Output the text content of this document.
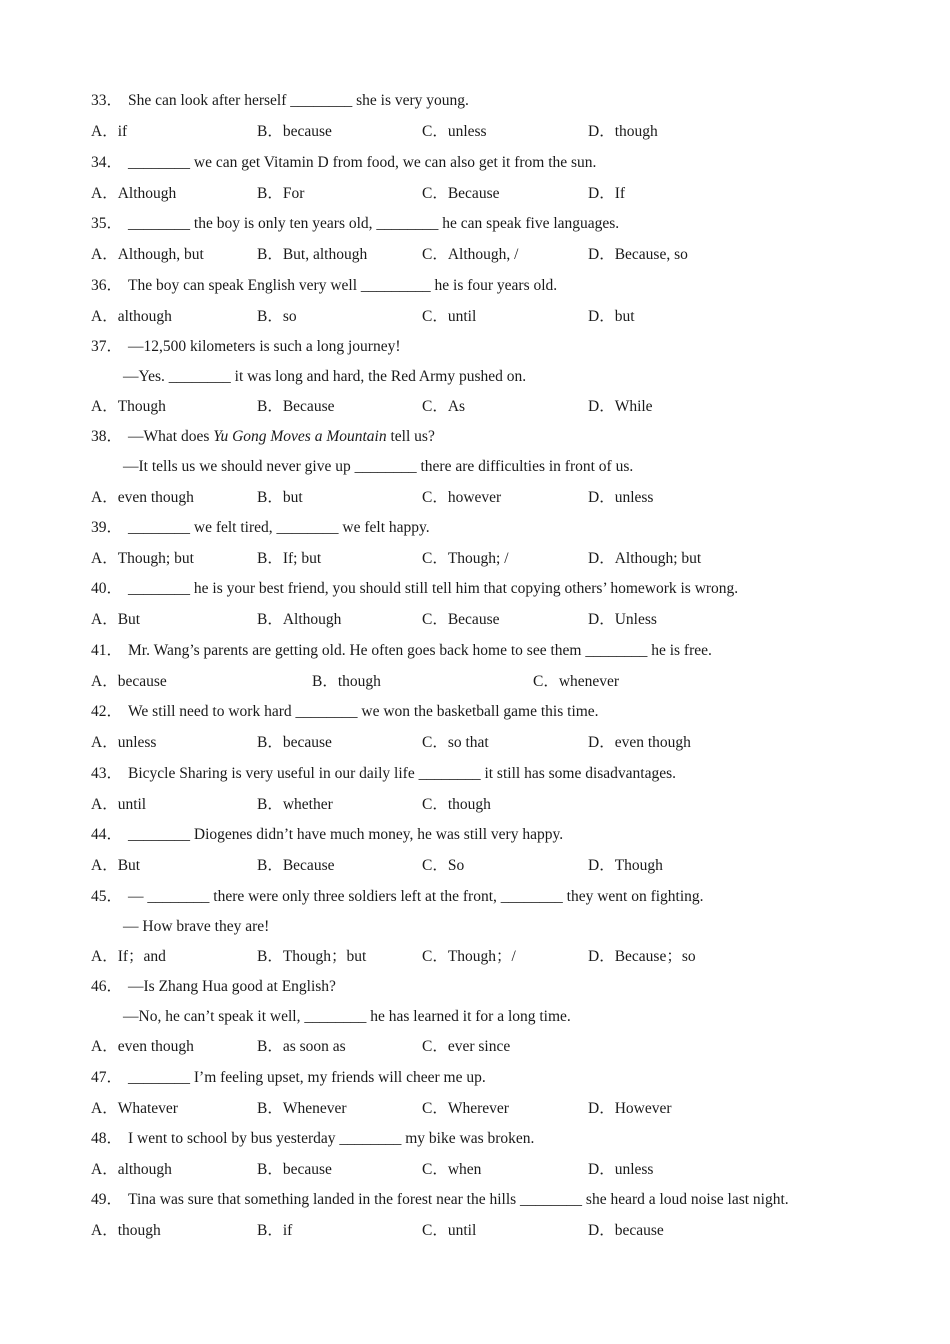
33． She can look after herself ________ she is very young.
A．if	B．because	C．unless	D．though
34． ________ we can get Vitamin D from food, we can also get it from the sun.
A．Although	B．For	C．Because	D．If
35． ________ the boy is only ten years old, ________ he can speak five languages.
A．Although, but	B．But, although	C．Although, /	D．Because, so
36． The boy can speak English very well _________ he is four years old.
A．although	B．so	C．until	D．but
37． —12,500 kilometers is such a long journey!
—Yes. ________ it was long and hard, the Red Army pushed on.
A．Though	B．Because	C．As	D．While
38． —What does Yu Gong Moves a Mountain tell us?
—It tells us we should never give up ________ there are difficulties in front of us.
A．even though	B．but	C．however	D．unless
39． ________ we felt tired, ________ we felt happy.
A．Though; but	B．If; but	C．Though; /	D．Although; but
40． ________ he is your best friend, you should still tell him that copying others’ homework is wrong.
A．But	B．Although	C．Because	D．Unless
41． Mr. Wang’s parents are getting old. He often goes back home to see them ________ he is free.
A．because	B．though	C．whenever
42． We still need to work hard ________ we won the basketball game this time.
A．unless	B．because	C．so that	D．even though
43． Bicycle Sharing is very useful in our daily life ________ it still has some disadvantages.
A．until	B．whether	C．though
44． ________ Diogenes didn’t have much money, he was still very happy.
A．But	B．Because	C．So	D．Though
45． — ________ there were only three soldiers left at the front, ________ they went on fighting.
— How brave they are!
A．If；and	B．Though；but	C．Though；/	D．Because；so
46． —Is Zhang Hua good at English?
—No, he can’t speak it well, ________ he has learned it for a long time.
A．even though	B．as soon as	C．ever since
47． ________ I’m feeling upset, my friends will cheer me up.
A．Whatever	B．Whenever	C．Wherever	D．However
48． I went to school by bus yesterday ________ my bike was broken.
A．although	B．because	C．when	D．unless
49． Tina was sure that something landed in the forest near the hills ________ she heard a loud noise last night.
A．though	B．if	C．until	D．because
